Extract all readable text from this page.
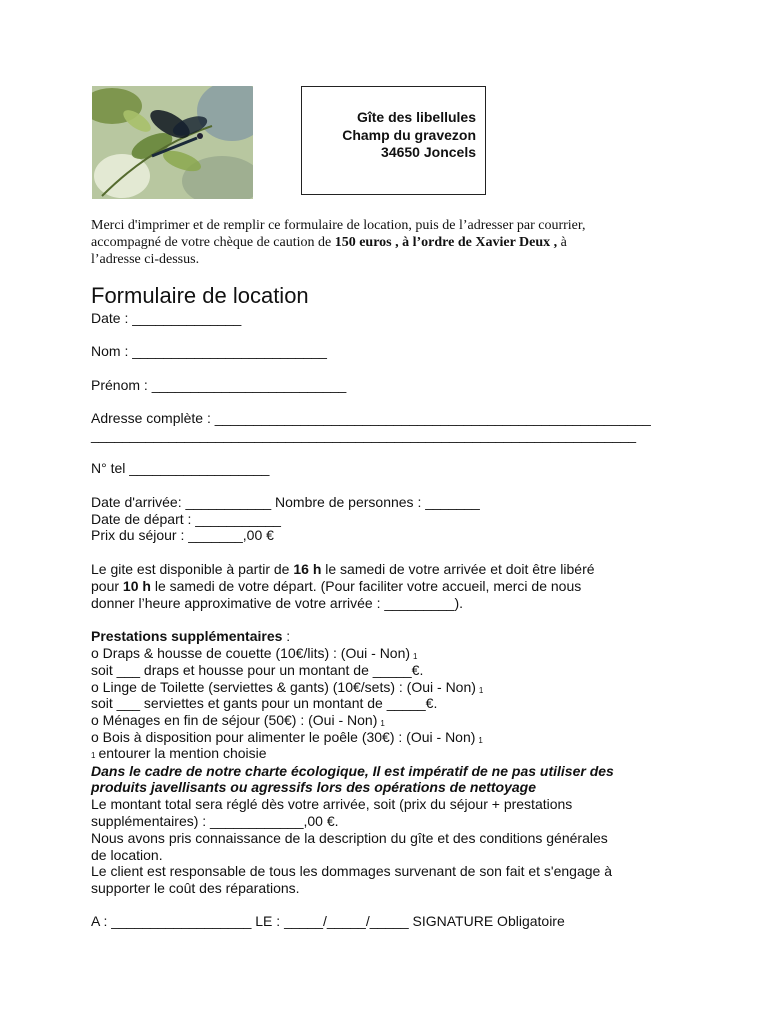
Gîte des libellules
Champ du gravezon
34650 Joncels
Merci d'imprimer et de remplir ce formulaire de location, puis de l’adresser par courrier,
accompagné de votre chèque de caution de 150 euros , à l’ordre de Xavier Deux , à
l’adresse ci-dessus.
Formulaire de location
Date : ______________
Nom : _________________________
Prénom : _________________________
Adresse complète : ________________________________________________________
______________________________________________________________________
N° tel __________________
Date d'arrivée: ___________ Nombre de personnes : _______
Date de départ : ___________
Prix du séjour : _______,00 €
Le gite est disponible à partir de 16 h le samedi de votre arrivée et doit être libéré
pour 10 h le samedi de votre départ. (Pour faciliter votre accueil, merci de nous
donner l’heure approximative de votre arrivée : _________).
Prestations supplémentaires :
o Draps & housse de couette (10€/lits) : (Oui - Non) 1
soit ___ draps et housse pour un montant de _____€.
o Linge de Toilette (serviettes & gants) (10€/sets) : (Oui - Non) 1
soit ___ serviettes et gants pour un montant de _____€.
o Ménages en fin de séjour (50€) : (Oui - Non) 1
o Bois à disposition pour alimenter le poêle (30€) : (Oui - Non) 1
1 entourer la mention choisie
Dans le cadre de notre charte écologique, Il est impératif de ne pas utiliser des
produits javellisants ou agressifs lors des opérations de nettoyage
Le montant total sera réglé dès votre arrivée, soit (prix du séjour + prestations
supplémentaires) : ____________,00 €.
Nous avons pris connaissance de la description du gîte et des conditions générales
de location.
Le client est responsable de tous les dommages survenant de son fait et s'engage à
supporter le coût des réparations.
A : __________________ LE : _____/_____/_____ SIGNATURE Obligatoire
